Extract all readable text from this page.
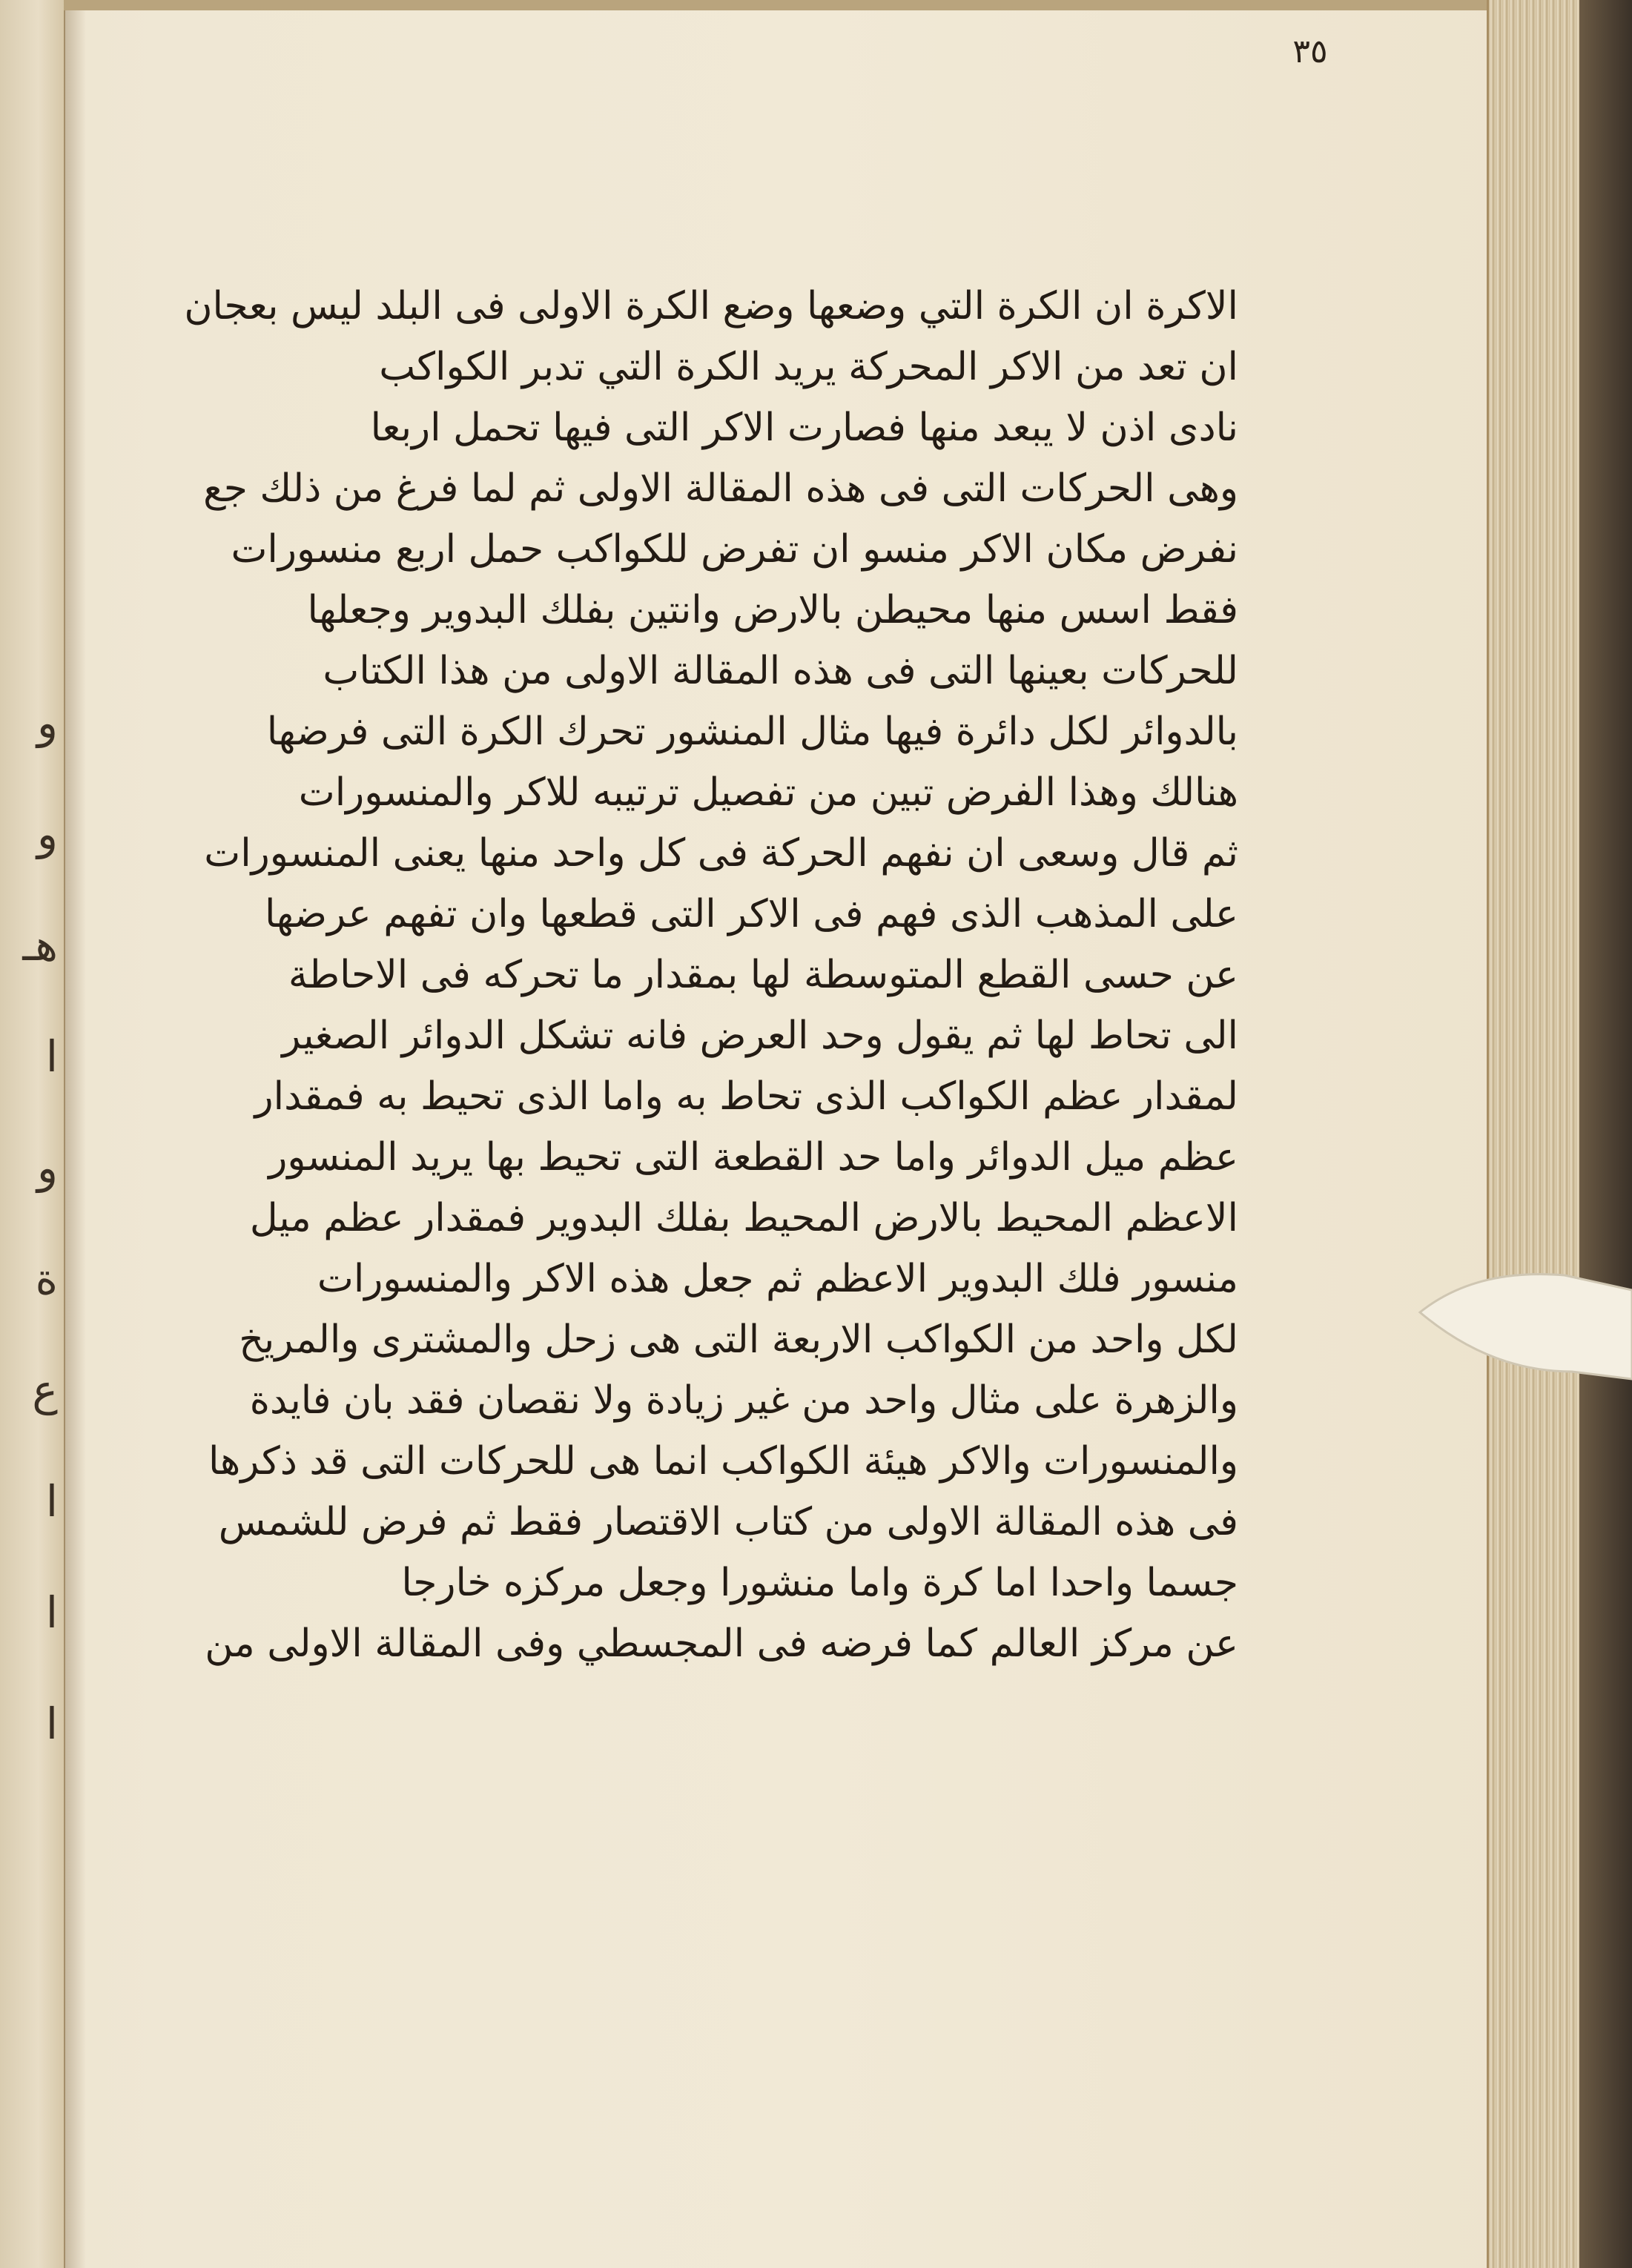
و
و
هـ
ا
و
ة
ع
ا
ا
ا
٣٥
الاكرة ان الكرة التي وضعها وضع الكرة الاولى فى البلد ليس بعجان
ان تعد من الاكر المحركة يريد الكرة التي تدبر الكواكب
نادى اذن لا يبعد منها فصارت الاكر التى فيها تحمل اربعا
وهى الحركات التى فى هذه المقالة الاولى ثم لما فرغ من ذلك جع
نفرض مكان الاكر منسو ان تفرض للكواكب حمل اربع منسورات
فقط اسس منها محيطن بالارض وانتين بفلك البدوير وجعلها
للحركات بعينها التى فى هذه المقالة الاولى من هذا الكتاب
بالدوائر لكل دائرة فيها مثال المنشور تحرك الكرة التى فرضها
هنالك وهذا الفرض تبين من تفصيل ترتيبه للاكر والمنسورات
ثم قال وسعى ان نفهم الحركة فى كل واحد منها يعنى المنسورات
على المذهب الذى فهم فى الاكر التى قطعها وان تفهم عرضها
عن حسى القطع المتوسطة لها بمقدار ما تحركه فى الاحاطة
الى تحاط لها ثم يقول وحد العرض فانه تشكل الدوائر الصغير
لمقدار عظم الكواكب الذى تحاط به واما الذى تحيط به فمقدار
عظم ميل الدوائر واما حد القطعة التى تحيط بها يريد المنسور
الاعظم المحيط بالارض المحيط بفلك البدوير فمقدار عظم ميل
منسور فلك البدوير الاعظم ثم جعل هذه الاكر والمنسورات
لكل واحد من الكواكب الاربعة التى هى زحل والمشترى والمريخ
والزهرة على مثال واحد من غير زيادة ولا نقصان فقد بان فايدة
والمنسورات والاكر هيئة الكواكب انما هى للحركات التى قد ذكرها
فى هذه المقالة الاولى من كتاب الاقتصار فقط ثم فرض للشمس
جسما واحدا اما كرة واما منشورا وجعل مركزه خارجا
عن مركز العالم كما فرضه فى المجسطي وفى المقالة الاولى من
